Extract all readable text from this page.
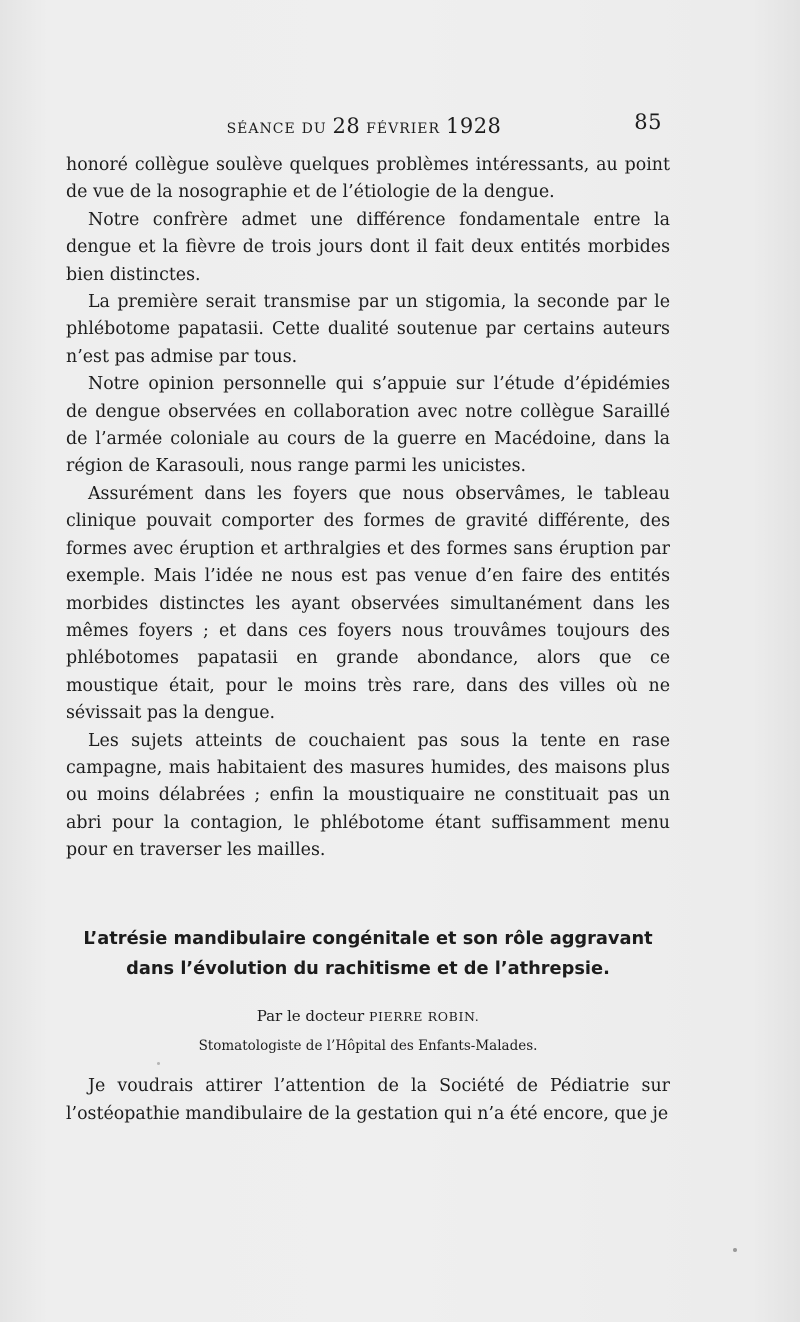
SÉANCE DU 28 FÉVRIER 1928	85

honoré collègue soulève quelques problèmes intéressants, au point de vue de la nosographie et de l’étiologie de la dengue.

Notre confrère admet une différence fondamentale entre la dengue et la fièvre de trois jours dont il fait deux entités morbides bien distinctes.

La première serait transmise par un stigomia, la seconde par le phlébotome papatasii. Cette dualité soutenue par certains auteurs n’est pas admise par tous.

Notre opinion personnelle qui s’appuie sur l’étude d’épidémies de dengue observées en collaboration avec notre collègue Saraillé de l’armée coloniale au cours de la guerre en Macédoine, dans la région de Karasouli, nous range parmi les unicistes.

Assurément dans les foyers que nous observâmes, le tableau clinique pouvait comporter des formes de gravité différente, des formes avec éruption et arthralgies et des formes sans éruption par exemple. Mais l’idée ne nous est pas venue d’en faire des entités morbides distinctes les ayant observées simultanément dans les mêmes foyers ; et dans ces foyers nous trouvâmes toujours des phlébotomes papatasii en grande abondance, alors que ce moustique était, pour le moins très rare, dans des villes où ne sévissait pas la dengue.

Les sujets atteints de couchaient pas sous la tente en rase campagne, mais habitaient des masures humides, des maisons plus ou moins délabrées ; enfin la moustiquaire ne constituait pas un abri pour la contagion, le phlébotome étant suffisamment menu pour en traverser les mailles.

L’atrésie mandibulaire congénitale et son rôle aggravant

dans l’évolution du rachitisme et de l’athrepsie.

Par le docteur PIERRE ROBIN.
Stomatologiste de l’Hôpital des Enfants-Malades.

Je voudrais attirer l’attention de la Société de Pédiatrie sur l’ostéopathie mandibulaire de la gestation qui n’a été encore, que je
